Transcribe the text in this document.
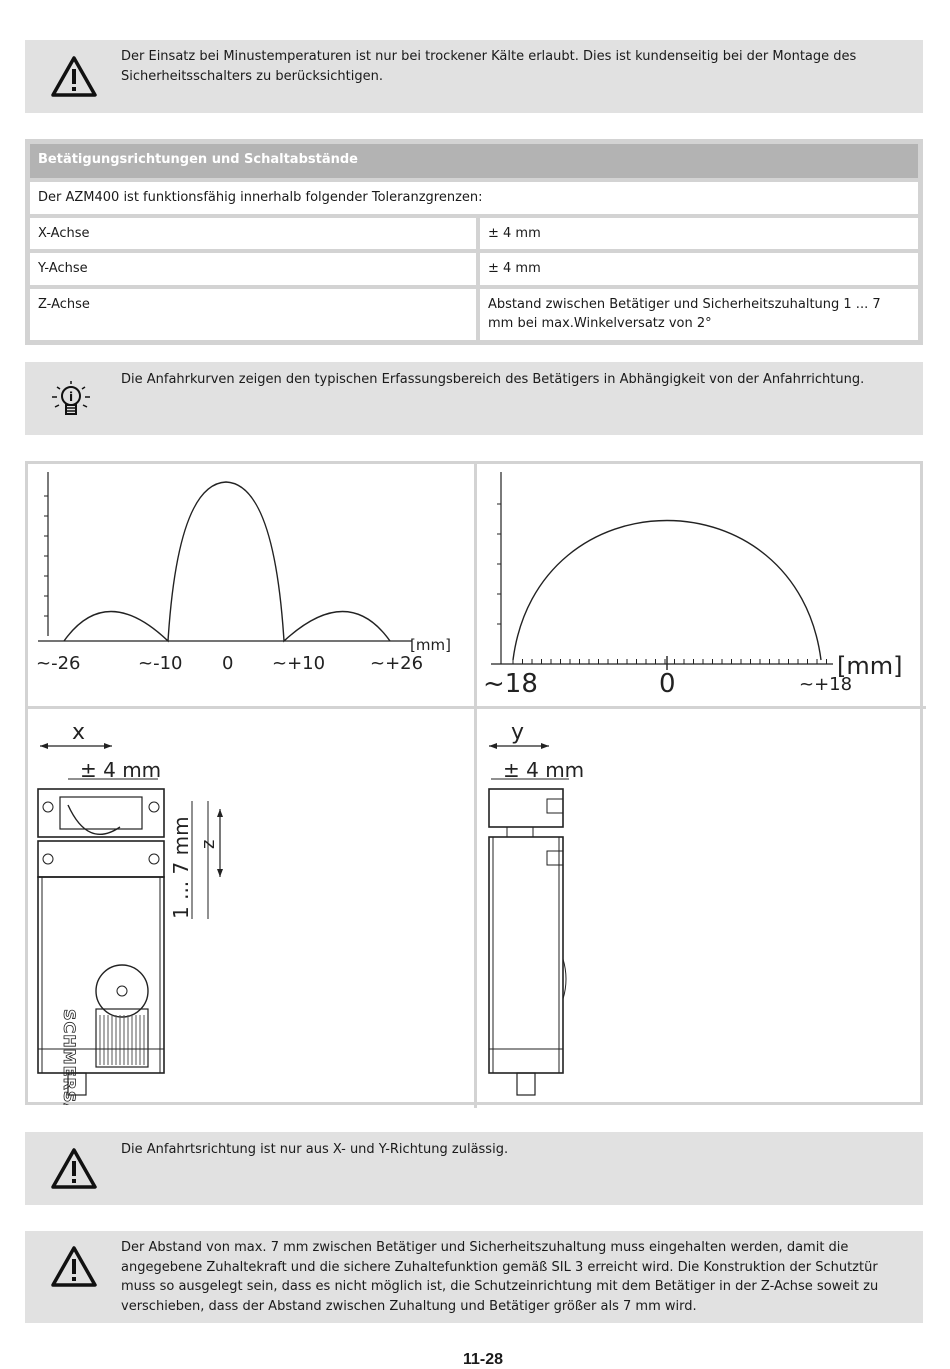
Der Einsatz bei Minustemperaturen ist nur bei trockener Kälte erlaubt. Dies ist kundenseitig bei der Montage des Sicherheitsschalters zu berücksichtigen.
Betätigungsrichtungen und Schaltabstände	
Der AZM400 ist funktionsfähig innerhalb folgender Toleranzgrenzen:	
X-Achse	± 4 mm
Y-Achse	± 4 mm
Z-Achse	Abstand zwischen Betätiger und Sicherheitszuhaltung 1 ... 7 mm bei max.Winkelversatz von 2°
i
Die Anfahrkurven zeigen den typischen Erfassungsbereich des Betätigers in Abhängigkeit von der Anfahrrichtung.
~-26	~-10 0 ~+10 ~+26
[mm]
~18	0	~+18
[mm]
x
± 4 mm
SCHMERSAL
1 ... 7 mm z
y
± 4 mm
Die Anfahrtsrichtung ist nur aus X- und Y-Richtung zulässig.
Der Abstand von max. 7 mm zwischen Betätiger und Sicherheitszuhaltung muss eingehalten werden, damit die angegebene Zuhaltekraft und die sichere Zuhaltefunktion gemäß SIL 3 erreicht wird. Die Konstruktion der Schutztür muss so ausgelegt sein, dass es nicht möglich ist, die Schutzeinrichtung mit dem Betätiger in der Z-Achse soweit zu verschieben, dass der Abstand zwischen Zuhaltung und Betätiger größer als 7 mm wird.
11-28
